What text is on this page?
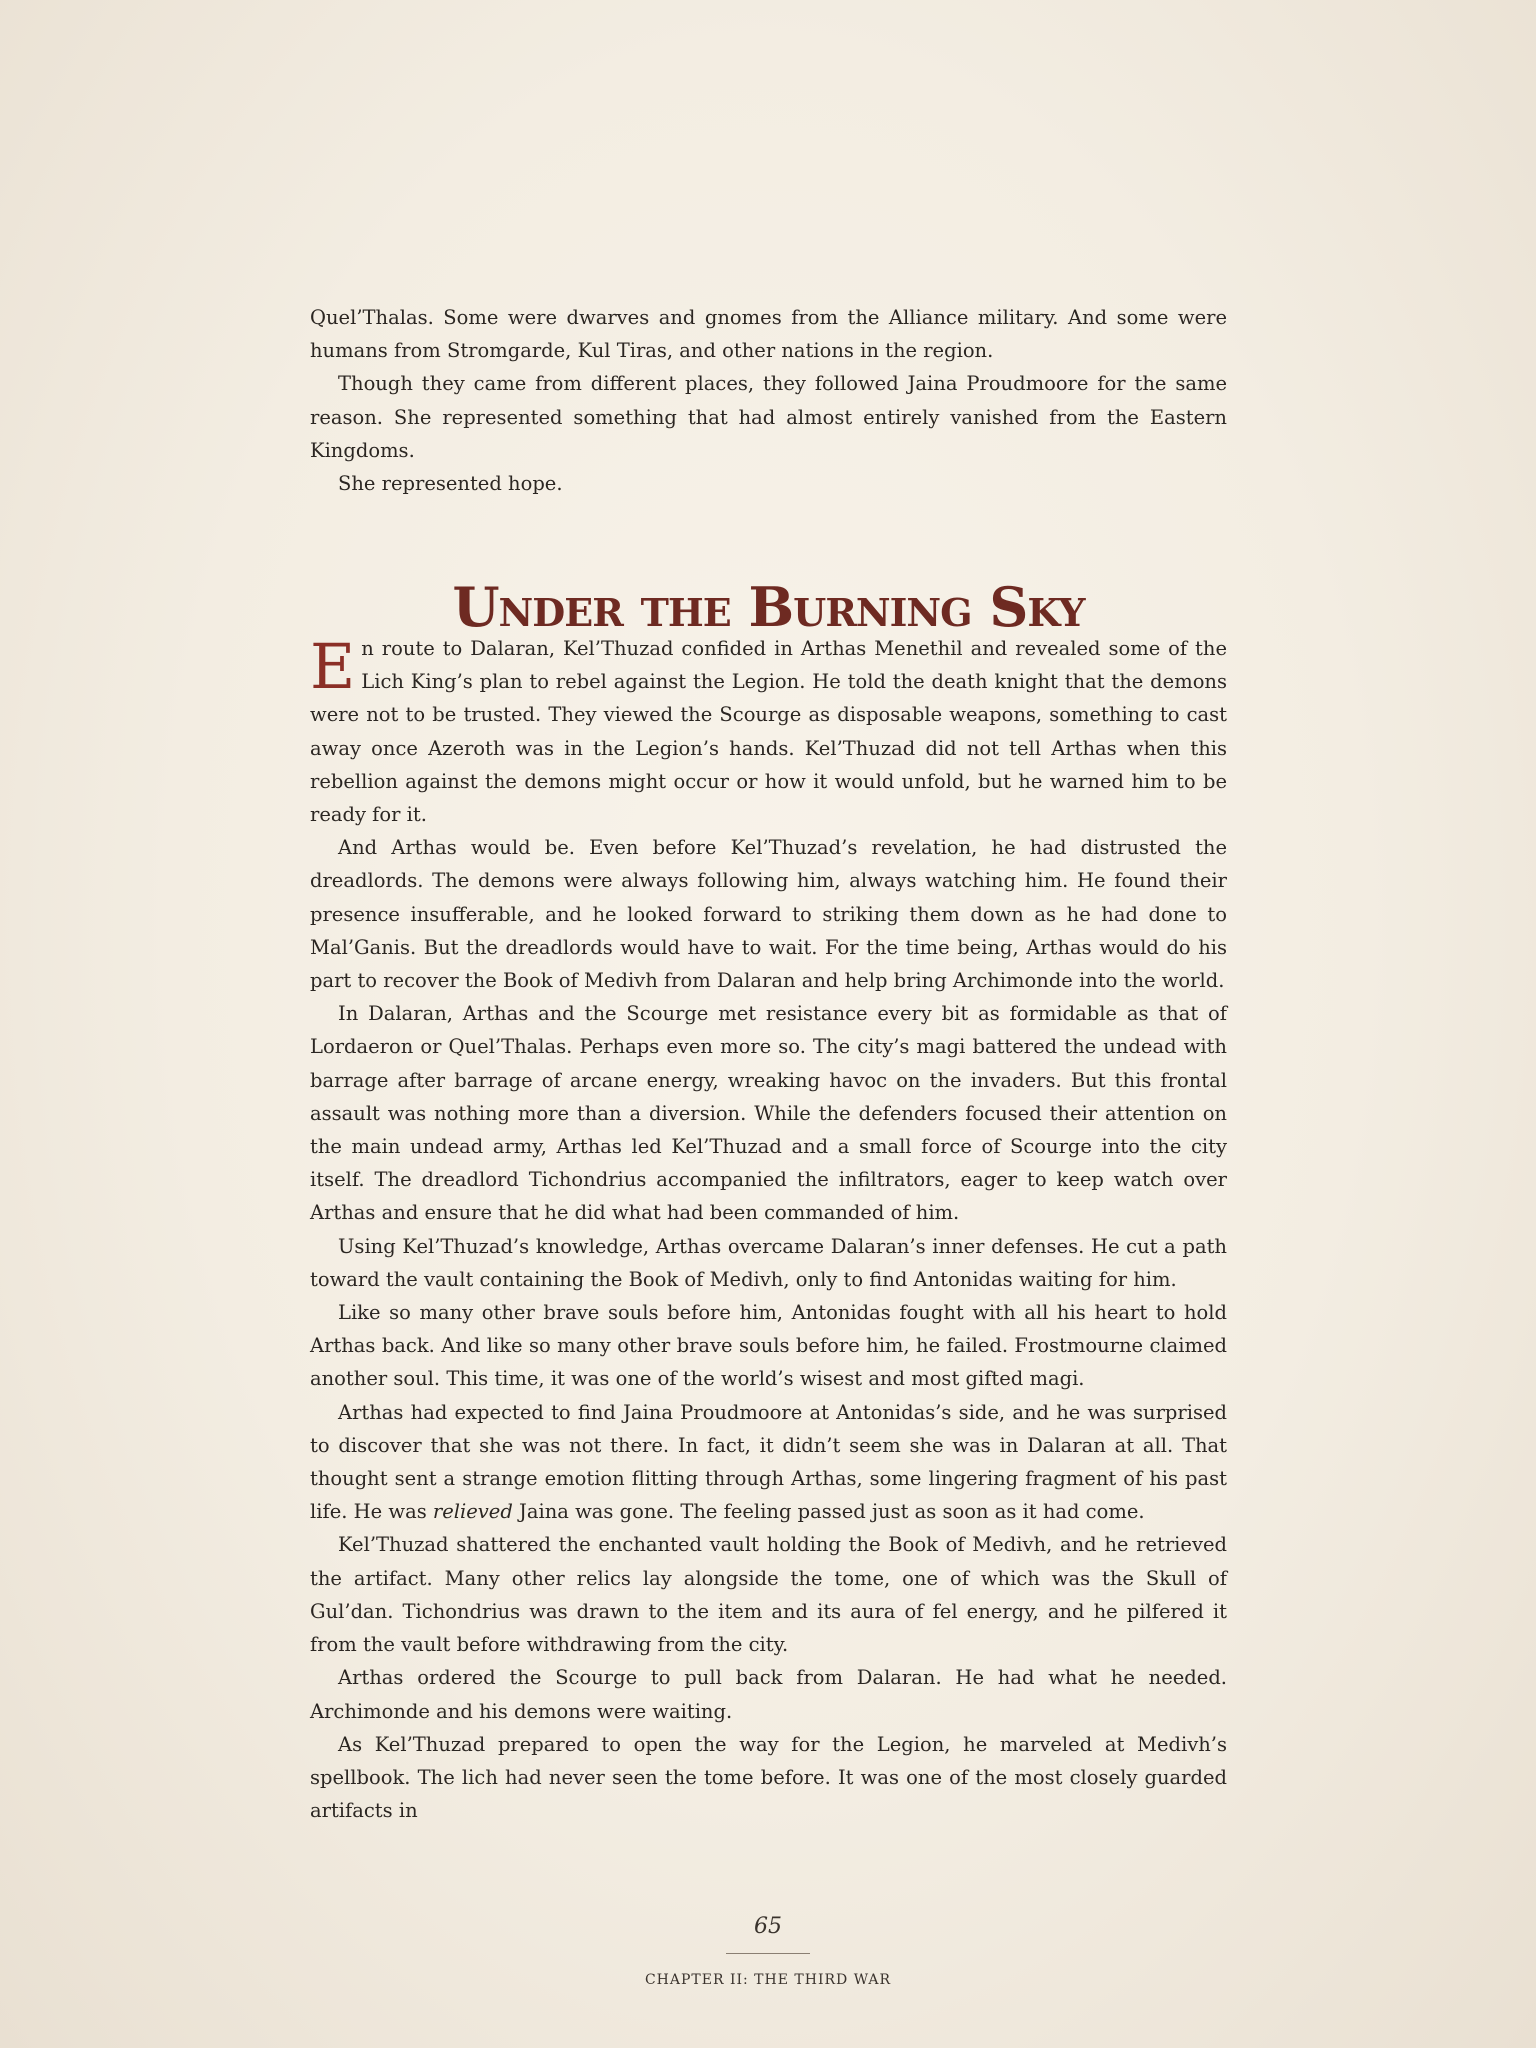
Quel’Thalas. Some were dwarves and gnomes from the Alliance military. And some were humans from Stromgarde, Kul Tiras, and other nations in the region.

Though they came from different places, they followed Jaina Proudmoore for the same reason. She represented something that had almost entirely vanished from the Eastern Kingdoms.

She represented hope.

Under the Burning Sky

En route to Dalaran, Kel’Thuzad confided in Arthas Menethil and revealed some of the Lich King’s plan to rebel against the Legion. He told the death knight that the demons were not to be trusted. They viewed the Scourge as disposable weapons, something to cast away once Azeroth was in the Legion’s hands. Kel’Thuzad did not tell Arthas when this rebellion against the demons might occur or how it would unfold, but he warned him to be ready for it.

And Arthas would be. Even before Kel’Thuzad’s revelation, he had distrusted the dreadlords. The demons were always following him, always watching him. He found their presence insufferable, and he looked forward to striking them down as he had done to Mal’Ganis. But the dreadlords would have to wait. For the time being, Arthas would do his part to recover the Book of Medivh from Dalaran and help bring Archimonde into the world.

In Dalaran, Arthas and the Scourge met resistance every bit as formidable as that of Lordaeron or Quel’Thalas. Perhaps even more so. The city’s magi battered the undead with barrage after barrage of arcane energy, wreaking havoc on the invaders. But this frontal assault was nothing more than a diversion. While the defenders focused their attention on the main undead army, Arthas led Kel’Thuzad and a small force of Scourge into the city itself. The dreadlord Tichondrius accompanied the infiltrators, eager to keep watch over Arthas and ensure that he did what had been commanded of him.

Using Kel’Thuzad’s knowledge, Arthas overcame Dalaran’s inner defenses. He cut a path toward the vault containing the Book of Medivh, only to find Antonidas waiting for him.

Like so many other brave souls before him, Antonidas fought with all his heart to hold Arthas back. And like so many other brave souls before him, he failed. Frostmourne claimed another soul. This time, it was one of the world’s wisest and most gifted magi.

Arthas had expected to find Jaina Proudmoore at Antonidas’s side, and he was surprised to discover that she was not there. In fact, it didn’t seem she was in Dalaran at all. That thought sent a strange emotion flitting through Arthas, some lingering fragment of his past life. He was relieved Jaina was gone. The feeling passed just as soon as it had come.

Kel’Thuzad shattered the enchanted vault holding the Book of Medivh, and he retrieved the artifact. Many other relics lay alongside the tome, one of which was the Skull of Gul’dan. Tichondrius was drawn to the item and its aura of fel energy, and he pilfered it from the vault before withdrawing from the city.

Arthas ordered the Scourge to pull back from Dalaran. He had what he needed. Archimonde and his demons were waiting.

As Kel’Thuzad prepared to open the way for the Legion, he marveled at Medivh’s spellbook. The lich had never seen the tome before. It was one of the most closely guarded artifacts in

65
CHAPTER II: THE THIRD WAR
